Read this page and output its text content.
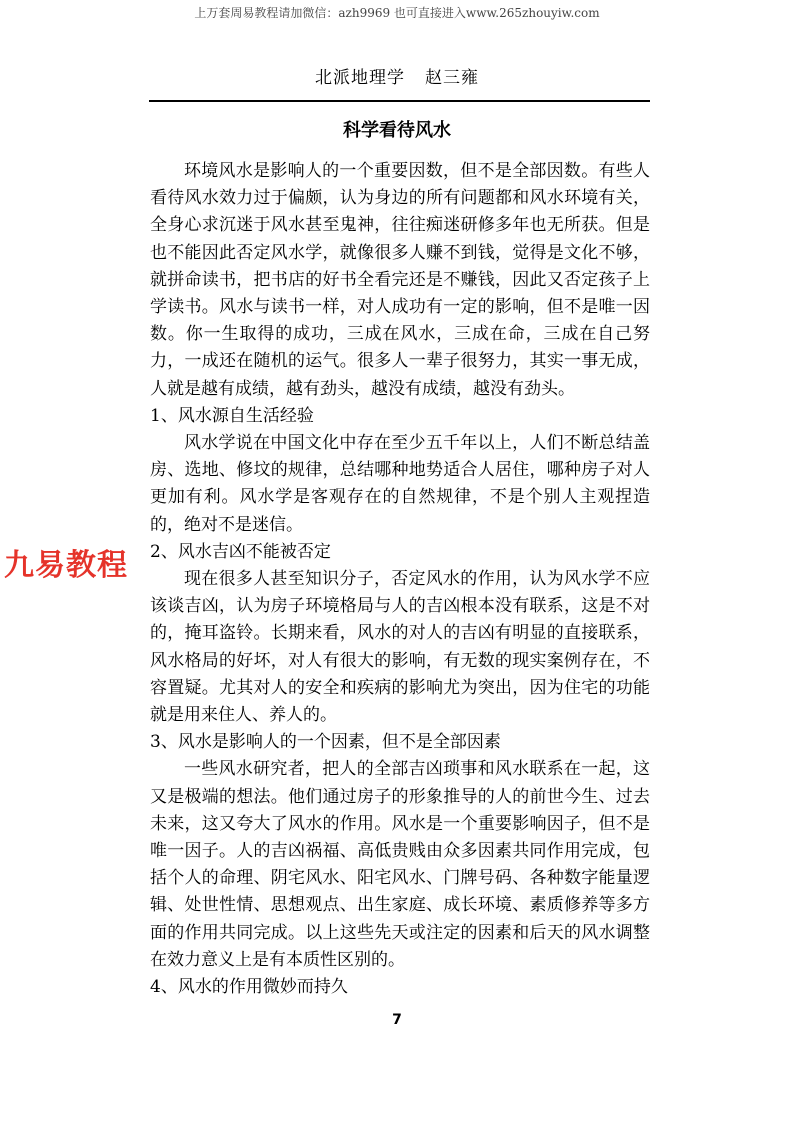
上万套周易教程请加微信：azh9969 也可直接进入www.265zhouyiw.com
北派地理学 赵三雍
科学看待风水

环境风水是影响人的一个重要因数，但不是全部因数。有些人看待风水效力过于偏颇，认为身边的所有问题都和风水环境有关，全身心求沉迷于风水甚至鬼神，往往痴迷研修多年也无所获。但是也不能因此否定风水学，就像很多人赚不到钱，觉得是文化不够，就拼命读书，把书店的好书全看完还是不赚钱，因此又否定孩子上学读书。风水与读书一样，对人成功有一定的影响，但不是唯一因数。你一生取得的成功，三成在风水，三成在命，三成在自己努力，一成还在随机的运气。很多人一辈子很努力，其实一事无成，人就是越有成绩，越有劲头，越没有成绩，越没有劲头。

1、风水源自生活经验

风水学说在中国文化中存在至少五千年以上，人们不断总结盖房、选地、修坟的规律，总结哪种地势适合人居住，哪种房子对人更加有利。风水学是客观存在的自然规律，不是个别人主观捏造的，绝对不是迷信。

2、风水吉凶不能被否定

现在很多人甚至知识分子，否定风水的作用，认为风水学不应该谈吉凶，认为房子环境格局与人的吉凶根本没有联系，这是不对的，掩耳盗铃。长期来看，风水的对人的吉凶有明显的直接联系，风水格局的好坏，对人有很大的影响，有无数的现实案例存在，不容置疑。尤其对人的安全和疾病的影响尤为突出，因为住宅的功能就是用来住人、养人的。

3、风水是影响人的一个因素，但不是全部因素

一些风水研究者，把人的全部吉凶琐事和风水联系在一起，这又是极端的想法。他们通过房子的形象推导的人的前世今生、过去未来，这又夸大了风水的作用。风水是一个重要影响因子，但不是唯一因子。人的吉凶祸福、高低贵贱由众多因素共同作用完成，包括个人的命理、阴宅风水、阳宅风水、门牌号码、各种数字能量逻辑、处世性情、思想观点、出生家庭、成长环境、素质修养等多方面的作用共同完成。以上这些先天或注定的因素和后天的风水调整在效力意义上是有本质性区别的。

4、风水的作用微妙而持久

九易教程
7
